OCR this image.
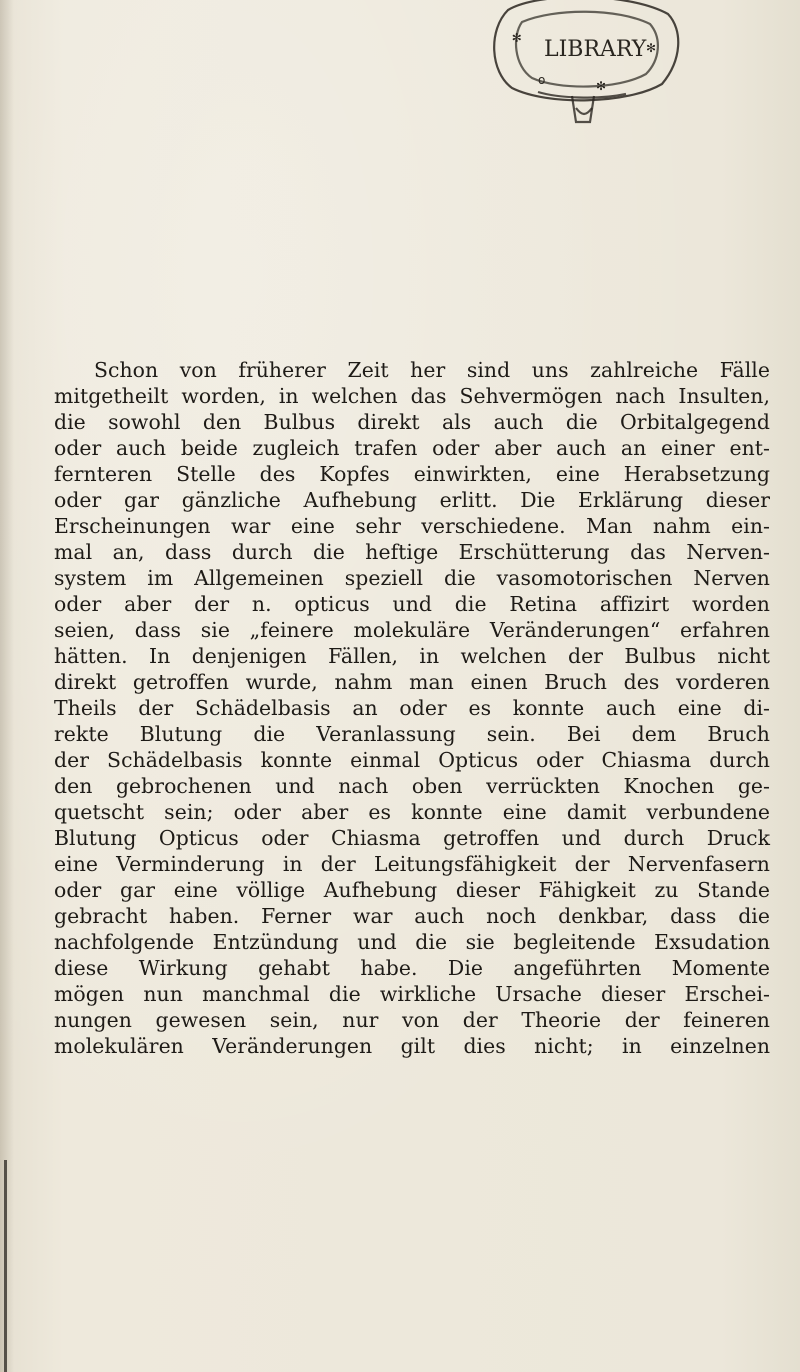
LIBRARY
✻
✻
✻
o
Schon von früherer Zeit her sind uns zahlreiche Fälle
mitgetheilt worden, in welchen das Sehvermögen nach Insulten,
die sowohl den Bulbus direkt als auch die Orbitalgegend
oder auch beide zugleich trafen oder aber auch an einer ent-
fernteren Stelle des Kopfes einwirkten, eine Herabsetzung
oder gar gänzliche Aufhebung erlitt. Die Erklärung dieser
Erscheinungen war eine sehr verschiedene. Man nahm ein-
mal an, dass durch die heftige Erschütterung das Nerven-
system im Allgemeinen speziell die vasomotorischen Nerven
oder aber der n. opticus und die Retina affizirt worden
seien, dass sie „feinere molekuläre Veränderungen“ erfahren
hätten. In denjenigen Fällen, in welchen der Bulbus nicht
direkt getroffen wurde, nahm man einen Bruch des vorderen
Theils der Schädelbasis an oder es konnte auch eine di-
rekte Blutung die Veranlassung sein. Bei dem Bruch
der Schädelbasis konnte einmal Opticus oder Chiasma durch
den gebrochenen und nach oben verrückten Knochen ge-
quetscht sein; oder aber es konnte eine damit verbundene
Blutung Opticus oder Chiasma getroffen und durch Druck
eine Verminderung in der Leitungsfähigkeit der Nervenfasern
oder gar eine völlige Aufhebung dieser Fähigkeit zu Stande
gebracht haben. Ferner war auch noch denkbar, dass die
nachfolgende Entzündung und die sie begleitende Exsudation
diese Wirkung gehabt habe. Die angeführten Momente
mögen nun manchmal die wirkliche Ursache dieser Erschei-
nungen gewesen sein, nur von der Theorie der feineren
molekulären Veränderungen gilt dies nicht; in einzelnen
